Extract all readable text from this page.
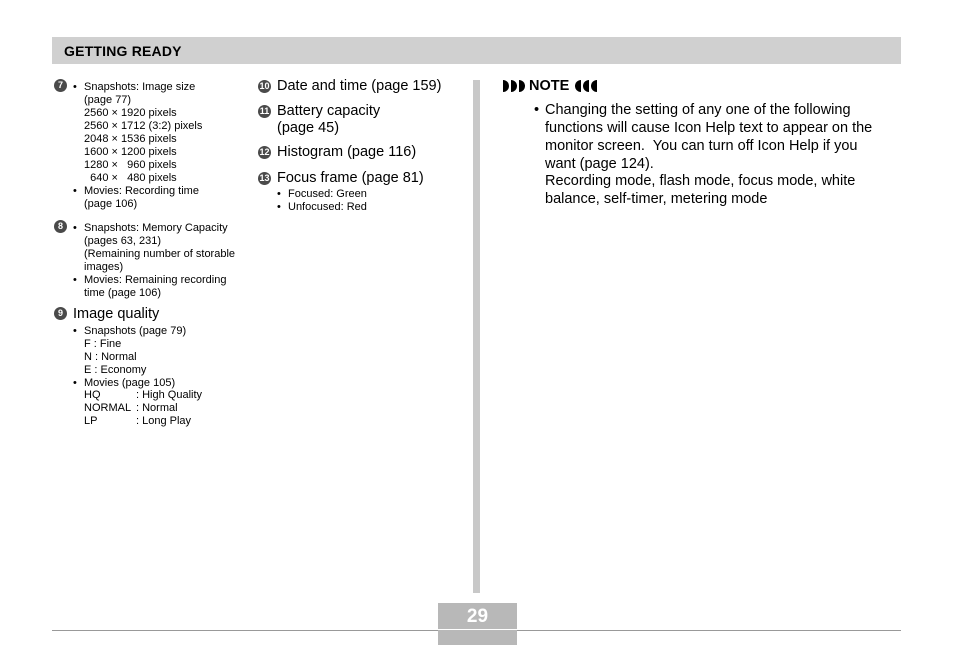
GETTING READY
7 • Snapshots: Image size
(page 77)
2560 × 1920 pixels
2560 × 1712 (3:2) pixels
2048 × 1536 pixels
1600 × 1200 pixels
1280 ×   960 pixels
640 ×   480 pixels
• Movies: Recording time
(page 106)
8 • Snapshots: Memory Capacity
(pages 63, 231)
(Remaining number of storable
images)
• Movies: Remaining recording
time (page 106)
9 Image quality
• Snapshots (page 79)
F : Fine
N : Normal
E : Economy
• Movies (page 105)
HQ	: High Quality
NORMAL : Normal
LP	: Long Play
10 Date and time (page 159)
11 Battery capacity
(page 45)
12 Histogram (page 116)
13 Focus frame (page 81)
• Focused: Green
• Unfocused: Red
NOTE
• Changing the setting of any one of the following
functions will cause Icon Help text to appear on the
monitor screen.  You can turn off Icon Help if you
want (page 124).
Recording mode, flash mode, focus mode, white
balance, self-timer, metering mode
29
